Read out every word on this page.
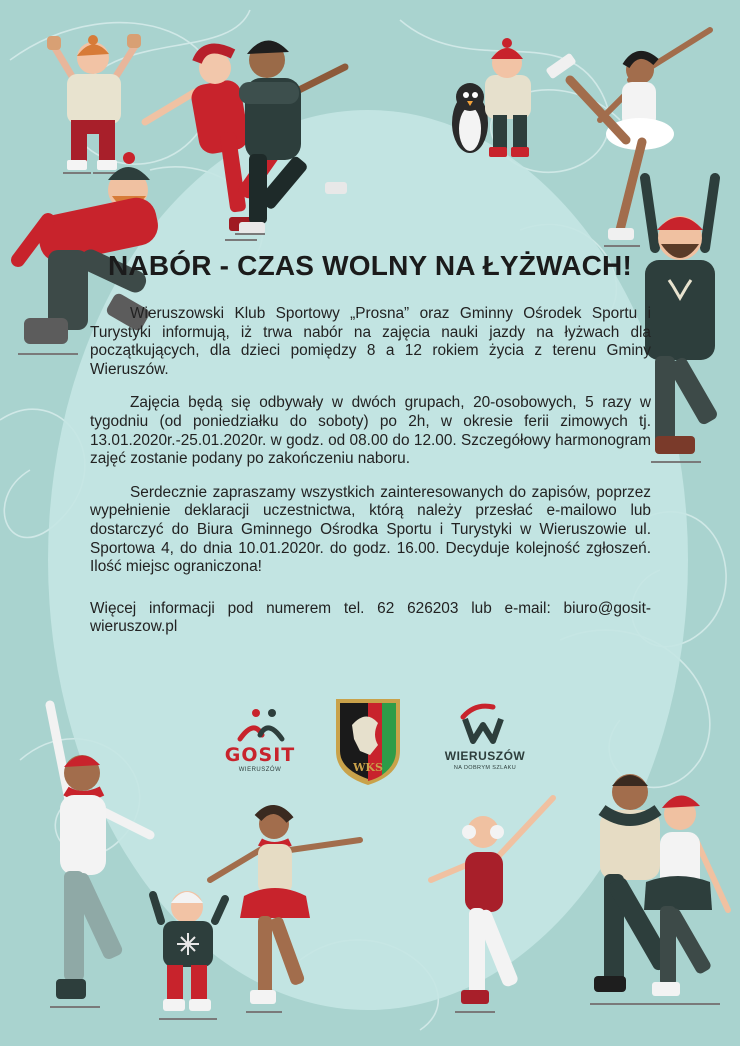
NABÓR - CZAS WOLNY NA ŁYŻWACH!

Wieruszowski Klub Sportowy „Prosna” oraz Gminny Ośrodek Sportu i Turystyki informują, iż trwa nabór na zajęcia nauki jazdy na łyżwach dla początkujących, dla dzieci pomiędzy 8 a 12 rokiem życia z terenu Gminy Wieruszów.

Zajęcia będą się odbywały w dwóch grupach, 20-osobowych, 5 razy w tygodniu (od poniedziałku do soboty) po 2h, w okresie ferii zimowych tj. 13.01.2020r.-25.01.2020r. w godz. od 08.00 do 12.00. Szczegółowy harmonogram zajęć zostanie podany po zakończeniu naboru.

Serdecznie zapraszamy wszystkich zainteresowanych do zapisów, poprzez wypełnienie deklaracji uczestnictwa, którą należy przesłać e-mailowo lub dostarczyć do Biura Gminnego Ośrodka Sportu i Turystyki w Wieruszowie ul. Sportowa 4, do dnia 10.01.2020r. do godz. 16.00. Decyduje kolejność zgłoszeń. Ilość miejsc ograniczona!

Więcej informacji pod numerem tel. 62 626203 lub e-mail: biuro@gosit-wieruszow.pl

GOSIT
WIERUSZÓW	WKS
WIERUSZÓW
NA DOBRYM SZLAKU
